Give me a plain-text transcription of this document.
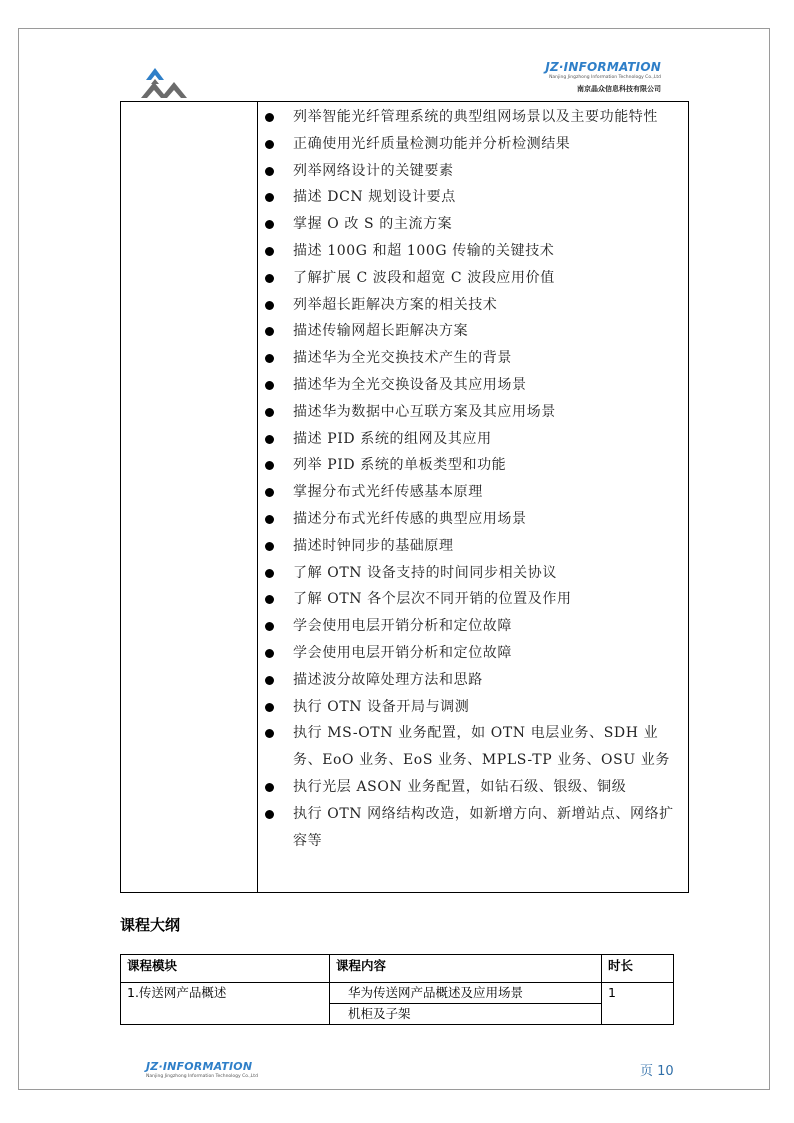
JZ·INFORMATION
Nanjing Jingzhong Information Technology Co.,Ltd
南京晶众信息科技有限公司
列举智能光纤管理系统的典型组网场景以及主要功能特性
正确使用光纤质量检测功能并分析检测结果
列举网络设计的关键要素
描述 DCN 规划设计要点
掌握 O 改 S 的主流方案
描述 100G 和超 100G 传输的关键技术
了解扩展 C 波段和超宽 C 波段应用价值
列举超长距解决方案的相关技术
描述传输网超长距解决方案
描述华为全光交换技术产生的背景
描述华为全光交换设备及其应用场景
描述华为数据中心互联方案及其应用场景
描述 PID 系统的组网及其应用
列举 PID 系统的单板类型和功能
掌握分布式光纤传感基本原理
描述分布式光纤传感的典型应用场景
描述时钟同步的基础原理
了解 OTN 设备支持的时间同步相关协议
了解 OTN 各个层次不同开销的位置及作用
学会使用电层开销分析和定位故障
学会使用电层开销分析和定位故障
描述波分故障处理方法和思路
执行 OTN 设备开局与调测
执行 MS-OTN 业务配置，如 OTN 电层业务、SDH 业务、EoO 业务、EoS 业务、MPLS-TP 业务、OSU 业务
执行光层 ASON 业务配置，如钻石级、银级、铜级
执行 OTN 网络结构改造，如新增方向、新增站点、网络扩容等
课程大纲
课程模块	课程内容	时长
1.传送网产品概述	华为传送网产品概述及应用场景	1
	机柜及子架	
JZ·INFORMATION
Nanjing Jingzhong Information Technology Co.,Ltd	页 10
